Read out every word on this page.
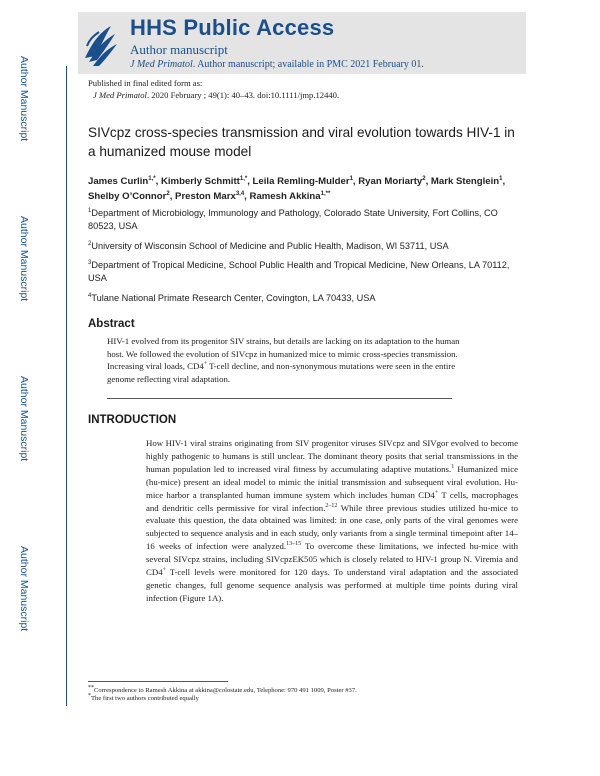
Author Manuscript
Author Manuscript
Author Manuscript
Author Manuscript
HHS Public Access
Author manuscript
J Med Primatol. Author manuscript; available in PMC 2021 February 01.
Published in final edited form as:
J Med Primatol. 2020 February ; 49(1): 40–43. doi:10.1111/jmp.12440.
SIVcpz cross-species transmission and viral evolution towards HIV-1 in a humanized mouse model
James Curlin$^{1,*}$, Kimberly Schmitt$^{1,*}$, Leila Remling-Mulder$^1$, Ryan Moriarty$^2$, Mark Stenglein$^1$, Shelby O’Connor$^2$, Preston Marx$^{3,4}$, Ramesh Akkina$^{1,**}$
$^1$Department of Microbiology, Immunology and Pathology, Colorado State University, Fort Collins, CO 80523, USA
$^2$University of Wisconsin School of Medicine and Public Health, Madison, WI 53711, USA
$^3$Department of Tropical Medicine, School Public Health and Tropical Medicine, New Orleans, LA 70112, USA
$^4$Tulane National Primate Research Center, Covington, LA 70433, USA
Abstract
HIV-1 evolved from its progenitor SIV strains, but details are lacking on its adaptation to the human host. We followed the evolution of SIVcpz in humanized mice to mimic cross-species transmission. Increasing viral loads, CD4+ T-cell decline, and non-synonymous mutations were seen in the entire genome reflecting viral adaptation.
INTRODUCTION
How HIV-1 viral strains originating from SIV progenitor viruses SIVcpz and SIVgor evolved to become highly pathogenic to humans is still unclear. The dominant theory posits that serial transmissions in the human population led to increased viral fitness by accumulating adaptive mutations.$^1$ Humanized mice (hu-mice) present an ideal model to mimic the initial transmission and subsequent viral evolution. Hu-mice harbor a transplanted human immune system which includes human CD4+ T cells, macrophages and dendritic cells permissive for viral infection.$^{2-12}$ While three previous studies utilized hu-mice to evaluate this question, the data obtained was limited: in one case, only parts of the viral genomes were subjected to sequence analysis and in each study, only variants from a single terminal timepoint after 14–16 weeks of infection were analyzed.$^{13-15}$ To overcome these limitations, we infected hu-mice with several SIVcpz strains, including SIVcpzEK505 which is closely related to HIV-1 group N. Viremia and CD4+ T-cell levels were monitored for 120 days. To understand viral adaptation and the associated genetic changes, full genome sequence analysis was performed at multiple time points during viral infection (Figure 1A).
**Correspondence to Ramesh Akkina at akkina@colostate.edu, Telephone: 970 491 1009, Poster #37.
*The first two authors contributed equally
